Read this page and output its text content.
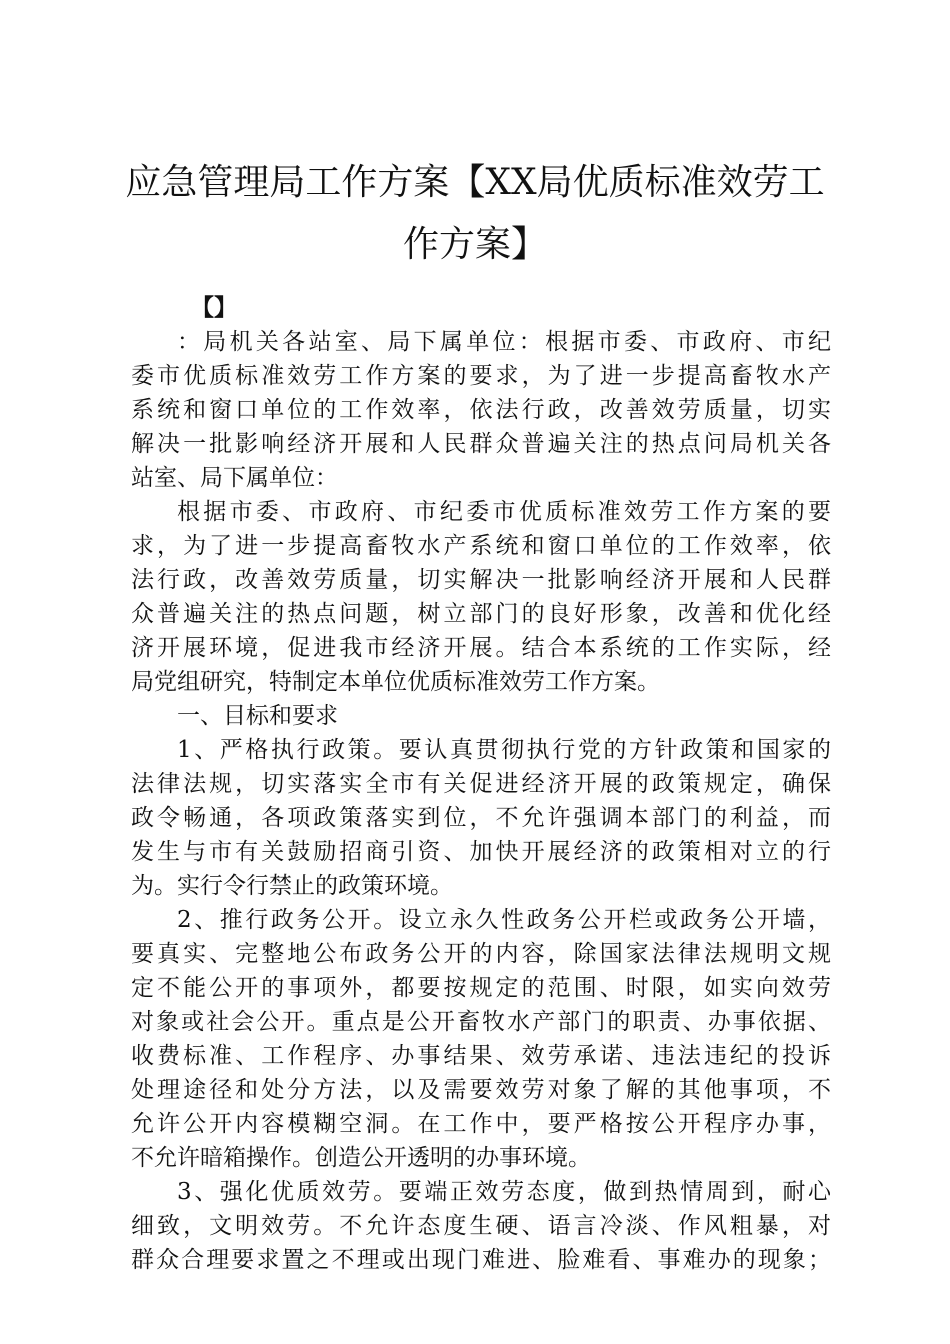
应急管理局工作方案【XX局优质标准效劳工
作方案】
【】
：局机关各站室、局下属单位：根据市委、市政府、市纪
委市优质标准效劳工作方案的要求，为了进一步提高畜牧水产
系统和窗口单位的工作效率，依法行政，改善效劳质量，切实
解决一批影响经济开展和人民群众普遍关注的热点问局机关各
站室、局下属单位：
根据市委、市政府、市纪委市优质标准效劳工作方案的要
求，为了进一步提高畜牧水产系统和窗口单位的工作效率，依
法行政，改善效劳质量，切实解决一批影响经济开展和人民群
众普遍关注的热点问题，树立部门的良好形象，改善和优化经
济开展环境，促进我市经济开展。结合本系统的工作实际，经
局党组研究，特制定本单位优质标准效劳工作方案。
一、目标和要求
1、严格执行政策。要认真贯彻执行党的方针政策和国家的
法律法规，切实落实全市有关促进经济开展的政策规定，确保
政令畅通，各项政策落实到位，不允许强调本部门的利益，而
发生与市有关鼓励招商引资、加快开展经济的政策相对立的行
为。实行令行禁止的政策环境。
2、推行政务公开。设立永久性政务公开栏或政务公开墙，
要真实、完整地公布政务公开的内容，除国家法律法规明文规
定不能公开的事项外，都要按规定的范围、时限，如实向效劳
对象或社会公开。重点是公开畜牧水产部门的职责、办事依据、
收费标准、工作程序、办事结果、效劳承诺、违法违纪的投诉
处理途径和处分方法，以及需要效劳对象了解的其他事项，不
允许公开内容模糊空洞。在工作中，要严格按公开程序办事，
不允许暗箱操作。创造公开透明的办事环境。
3、强化优质效劳。要端正效劳态度，做到热情周到，耐心
细致，文明效劳。不允许态度生硬、语言冷淡、作风粗暴，对
群众合理要求置之不理或出现门难进、脸难看、事难办的现象；
